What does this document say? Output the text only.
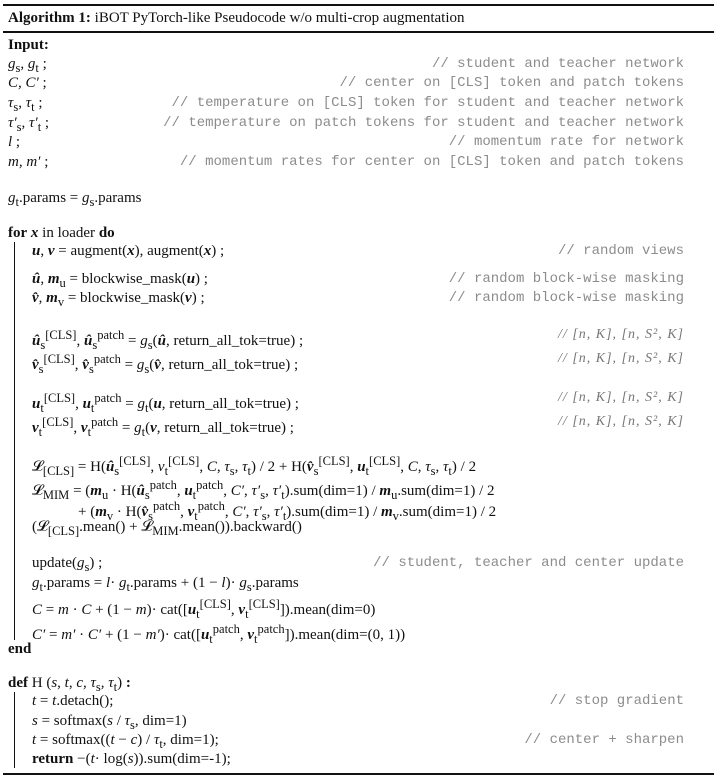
Algorithm 1: iBOT PyTorch-like Pseudocode w/o multi-crop augmentation
Input:
$g_s$, $g_t$ ;	// student and teacher network
C, C′ ;	// center on [CLS] token and patch tokens
$\tau_s$, $\tau_t$ ;	// temperature on [CLS] token for student and teacher network
$\tau'_s$, $\tau'_t$ ;	// temperature on patch tokens for student and teacher network
l ;	// momentum rate for network
m, m′ ;	// momentum rates for center on [CLS] token and patch tokens
$g_t.params$ = $g_s.params$
for x in loader do
u, v = augment(x), augment(x) ;	// random views
û, $m_u$ = blockwise_mask(u) ;	// random block-wise masking
v̂, $m_v$ = blockwise_mask(v) ;	// random block-wise masking
$û_s[CLS]$, $û_s^{patch}$ = $g_s(û$, return_all_tok=true) ;	// [n, K], [n, S², K]
$v̂_s[CLS]$, $v̂_s^{patch}$ = $g_s(v̂$, return_all_tok=true) ;	// [n, K], [n, S², K]
$u_t[CLS]$, $u_t^{patch} = g_t(u$, return_all_tok=true) ;	// [n, K], [n, S², K]
$v_t[CLS]$, $v_t^{patch} = g_t(v$, return_all_tok=true) ;	// [n, K], [n, S², K]
𝓛$_{[CLS]}$ = $H(û_s[CLS]$, $v_t[CLS]$, C, $\tau_s$, $\tau_t) / 2$ + $H(v̂_s[CLS]$, $u_t[CLS]$, C, $\tau_s$, $\tau_t) / 2$
𝓛$_{MIM}$ = ($m_u$ · $H(û_s^{patch}$, $u_t^{patch}$, C′, $\tau'_s$, $\tau'_t).sum(dim=1) / m_u.sum(dim=1) / 2$
+ ($m_v$ · $H(v̂_s^{patch}$, $v_t^{patch}$, C′, $\tau'_s$, $\tau'_t).sum(dim=1) / m_v.sum(dim=1) / 2$
(𝓛$_{[CLS]}$.mean() + 𝓛$_{MIM}$.mean()).backward()
$update(g_s)$ ;	// student, teacher and center update
$g_t.params = l\cdot$ $g_t.params + (1 - l)\cdot$ $g_s.params$
$C = m \cdot C + (1 - m)\cdot cat([u_t[CLS]$, $v_t[CLS]]).mean(dim=0)$
$C' = m' \cdot C' + (1 - m')\cdot cat([u_t^{patch}$, $v_t^{patch}]).mean(dim=(0$, 1))
end
def H (s, t, c, $\tau_s$, $\tau_t$) :
t = t.detach();	// stop gradient
s = softmax(s / $\tau_s$, dim=1)
t = softmax((t − $c) / \tau_t$, dim=1);	// center + sharpen
return −(t· log(s)).sum(dim=-1);
